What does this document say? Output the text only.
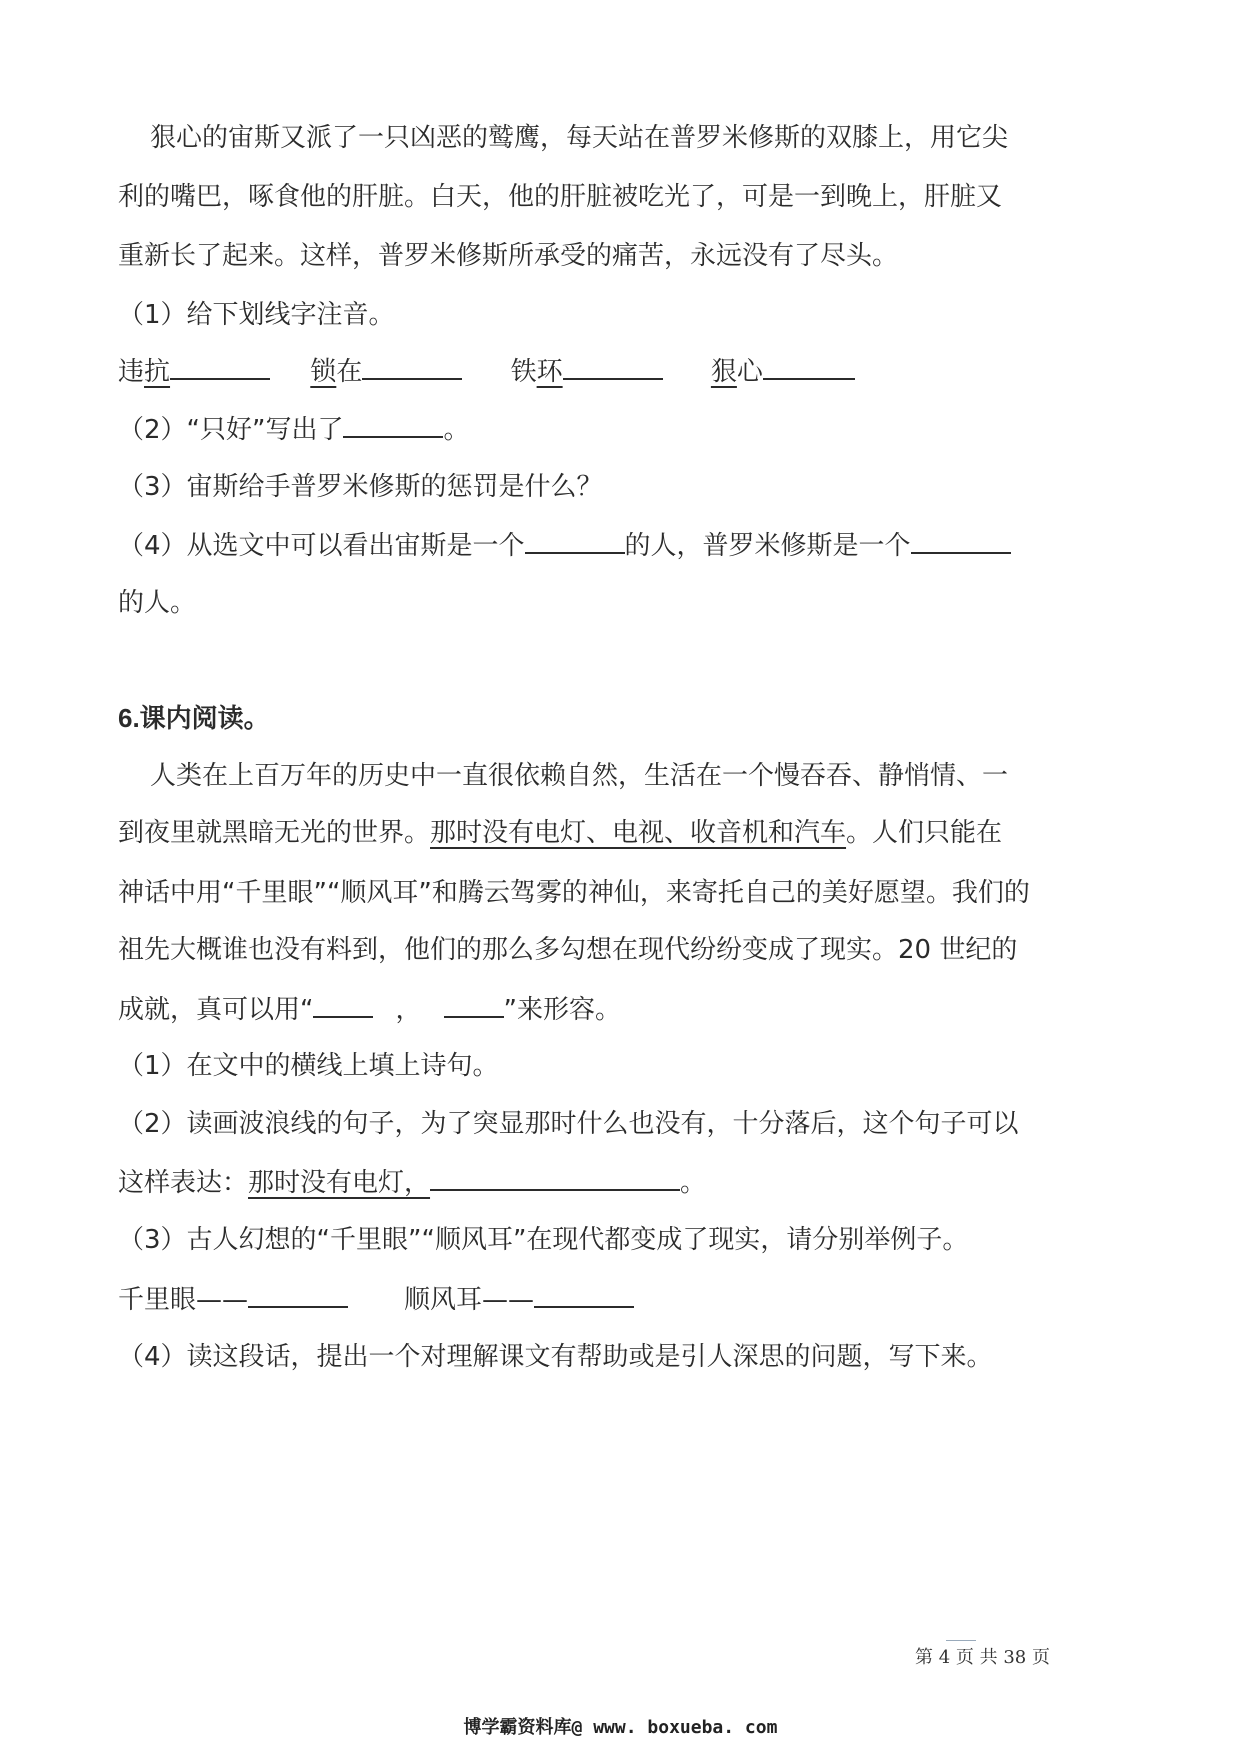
狠心的宙斯又派了一只凶恶的鹫鹰，每天站在普罗米修斯的双膝上，用它尖
利的嘴巴，啄食他的肝脏。白天，他的肝脏被吃光了，可是一到晚上，肝脏又
重新长了起来。这样，普罗米修斯所承受的痛苦，永远没有了尽头。
（1）给下划线字注音。
违抗	锁在	铁环	狠心
（2）“只好”写出了	。
（3）宙斯给手普罗米修斯的惩罚是什么？
（4）从选文中可以看出宙斯是一个	的人，普罗米修斯是一个
的人。
6.课内阅读。
人类在上百万年的历史中一直很依赖自然，生活在一个慢吞吞、静悄情、一
到夜里就黑暗无光的世界。那时没有电灯、电视、收音机和汽车。人们只能在
神话中用“千里眼”“顺风耳”和腾云驾雾的神仙，来寄托自己的美好愿望。我们的
祖先大概谁也没有料到，他们的那么多勾想在现代纷纷变成了现实。20 世纪的
成就，真可以用“	，	”来形容。
（1）在文中的横线上填上诗句。
（2）读画波浪线的句子，为了突显那时什么也没有，十分落后，这个句子可以
这样表达：那时没有电灯，	。
（3）古人幻想的“千里眼”“顺风耳”在现代都变成了现实，请分别举例子。
千里眼——	顺风耳——
（4）读这段话，提出一个对理解课文有帮助或是引人深思的问题，写下来。
第 4 页 共 38 页
博学霸资料库@ www. boxueba. com
